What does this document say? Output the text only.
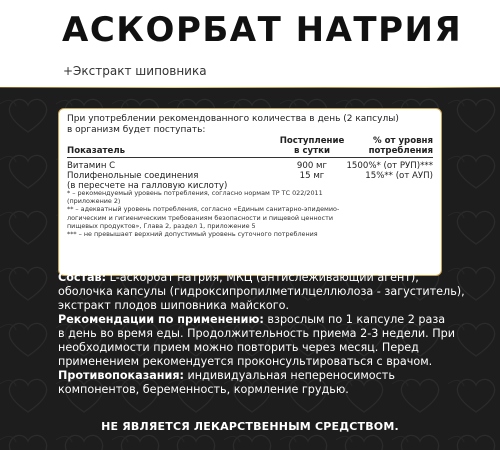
АСКОРБАТ НАТРИЯ
+Экстракт шиповника
При употреблении рекомендованного количества в день (2 капсулы)
в организм будет поступать:
Показатель
Поступление	% от уровня
в сутки	потребления
Витамин С	900 мг	1500%* (от РУП)***
Полифенольные соединения	15 мг	15%** (от АУП)
(в пересчете на галловую кислоту)
* – рекомендуемый уровень потребления, согласно нормам ТР ТС 022/2011
(приложение 2)
** – адекватный уровень потребления, согласно «Единым санитарно-эпидемио-
логическим и гигиеническим требованиям безопасности и пищевой ценности
пищевых продуктов», Глава 2, раздел 1, приложение 5
*** – не превышает верхний допустимый уровень суточного потребления
Состав: L-аскорбат натрия, МКЦ (антислеживающий агент),
оболочка капсулы (гидроксипропилметилцеллюлоза - загуститель),
экстракт плодов шиповника майского.
Рекомендации по применению: взрослым по 1 капсуле 2 раза
в день во время еды. Продолжительность приема 2-3 недели. При
необходимости прием можно повторить через месяц. Перед
применением рекомендуется проконсультироваться с врачом.
Противопоказания: индивидуальная непереносимость
компонентов, беременность, кормление грудью.
НЕ ЯВЛЯЕТСЯ ЛЕКАРСТВЕННЫМ СРЕДСТВОМ.
